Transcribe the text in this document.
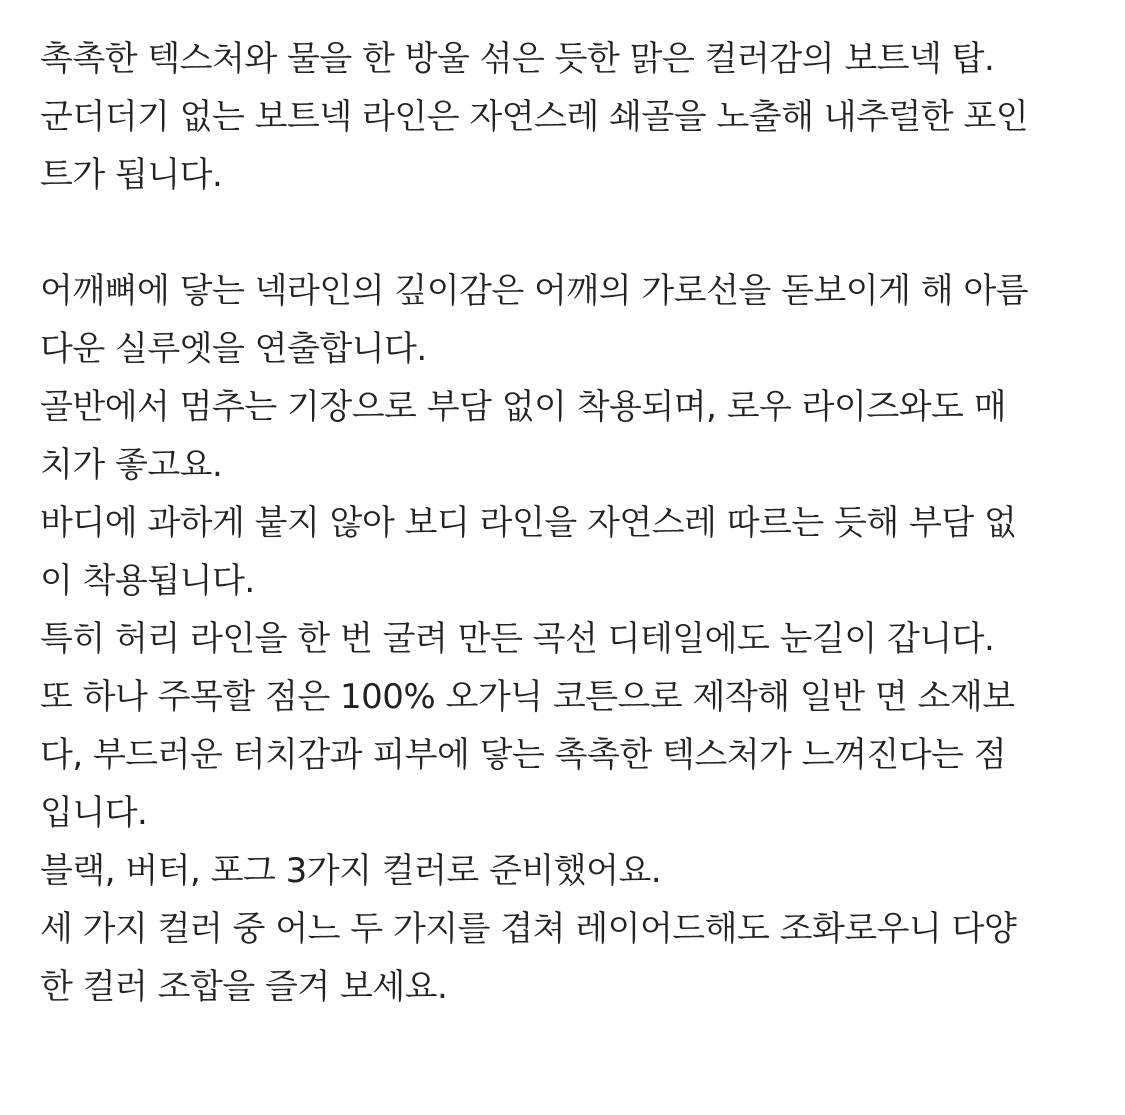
촉촉한 텍스처와 물을 한 방울 섞은 듯한 맑은 컬러감의 보트넥 탑.
군더더기 없는 보트넥 라인은 자연스레 쇄골을 노출해 내추럴한 포인
트가 됩니다.
어깨뼈에 닿는 넥라인의 깊이감은 어깨의 가로선을 돋보이게 해 아름
다운 실루엣을 연출합니다.
골반에서 멈추는 기장으로 부담 없이 착용되며, 로우 라이즈와도 매
치가 좋고요.
바디에 과하게 붙지 않아 보디 라인을 자연스레 따르는 듯해 부담 없
이 착용됩니다.
특히 허리 라인을 한 번 굴려 만든 곡선 디테일에도 눈길이 갑니다.
또 하나 주목할 점은 100% 오가닉 코튼으로 제작해 일반 면 소재보
다, 부드러운 터치감과 피부에 닿는 촉촉한 텍스처가 느껴진다는 점
입니다.
블랙, 버터, 포그 3가지 컬러로 준비했어요.
세 가지 컬러 중 어느 두 가지를 겹쳐 레이어드해도 조화로우니 다양
한 컬러 조합을 즐겨 보세요.
